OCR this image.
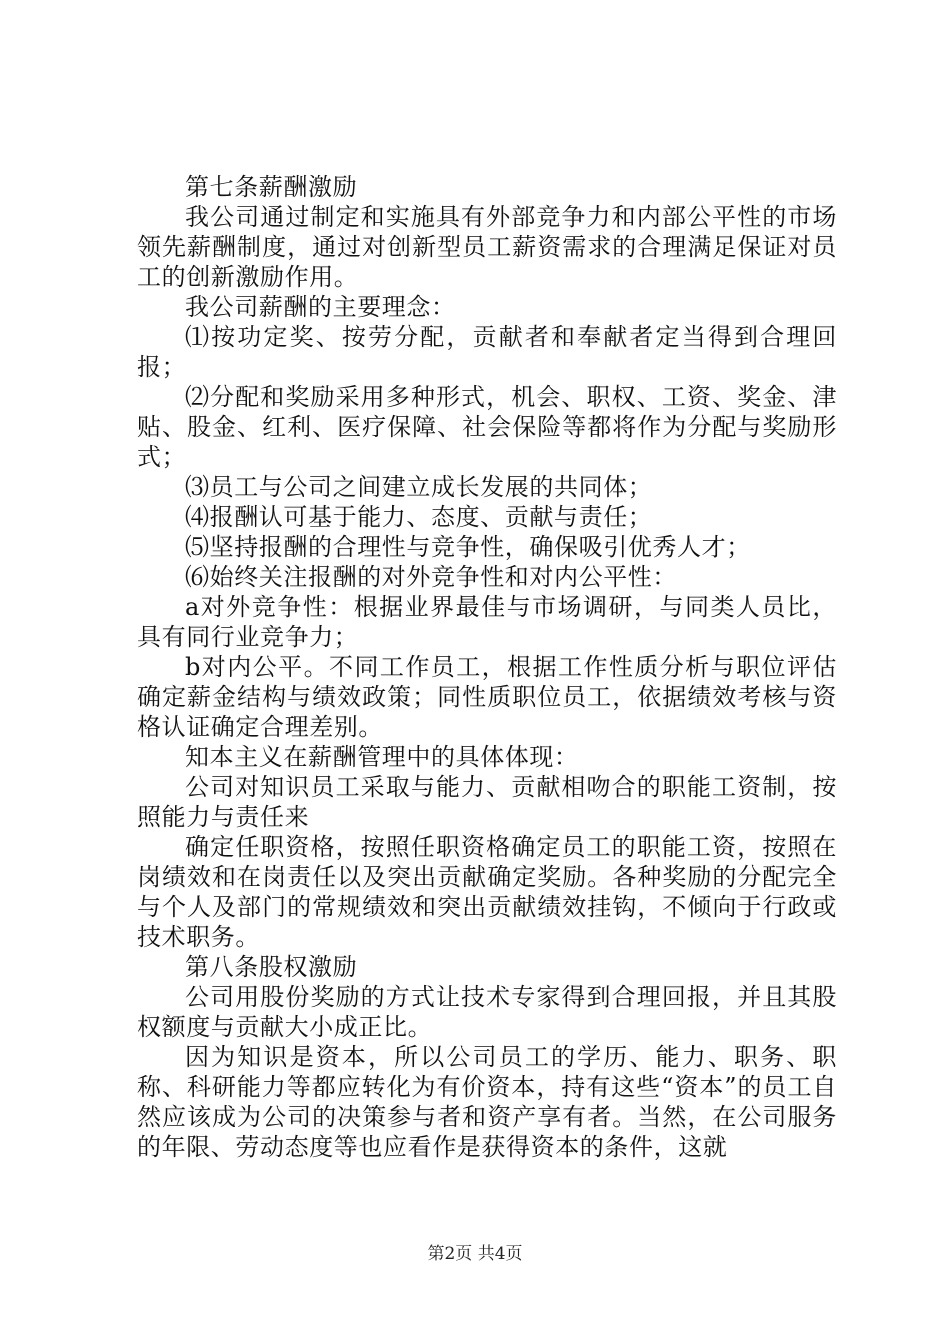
第七条薪酬激励

我公司通过制定和实施具有外部竞争力和内部公平性的市场领先薪酬制度，通过对创新型员工薪资需求的合理满足保证对员工的创新激励作用。

我公司薪酬的主要理念：

⑴按功定奖、按劳分配，贡献者和奉献者定当得到合理回报；

⑵分配和奖励采用多种形式，机会、职权、工资、奖金、津贴、股金、红利、医疗保障、社会保险等都将作为分配与奖励形式；

⑶员工与公司之间建立成长发展的共同体；

⑷报酬认可基于能力、态度、贡献与责任；

⑸坚持报酬的合理性与竞争性，确保吸引优秀人才；

⑹始终关注报酬的对外竞争性和对内公平性：

a对外竞争性：根据业界最佳与市场调研，与同类人员比，具有同行业竞争力；

b对内公平。不同工作员工，根据工作性质分析与职位评估确定薪金结构与绩效政策；同性质职位员工，依据绩效考核与资格认证确定合理差别。

知本主义在薪酬管理中的具体体现：

公司对知识员工采取与能力、贡献相吻合的职能工资制，按照能力与责任来

确定任职资格，按照任职资格确定员工的职能工资，按照在岗绩效和在岗责任以及突出贡献确定奖励。各种奖励的分配完全与个人及部门的常规绩效和突出贡献绩效挂钩，不倾向于行政或技术职务。

第八条股权激励

公司用股份奖励的方式让技术专家得到合理回报，并且其股权额度与贡献大小成正比。

因为知识是资本，所以公司员工的学历、能力、职务、职称、科研能力等都应转化为有价资本，持有这些“资本”的员工自然应该成为公司的决策参与者和资产享有者。当然，在公司服务的年限、劳动态度等也应看作是获得资本的条件，这就

第2页 共4页
